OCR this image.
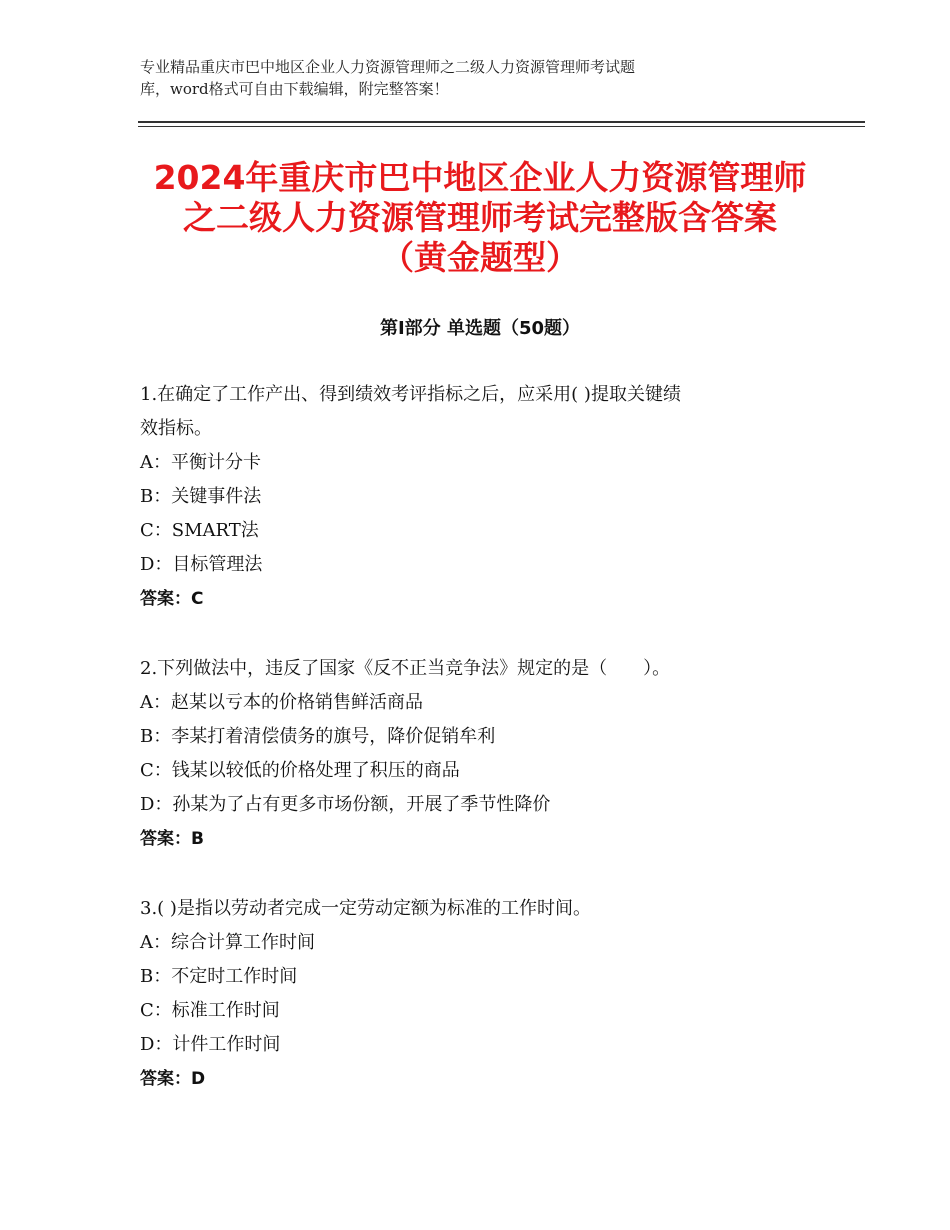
专业精品重庆市巴中地区企业人力资源管理师之二级人力资源管理师考试题

库，word格式可自由下载编辑，附完整答案！

2024年重庆市巴中地区企业人力资源管理师
之二级人力资源管理师考试完整版含答案
（黄金题型）
第Ⅰ部分 单选题（50题）
1.在确定了工作产出、得到绩效考评指标之后，应采用( )提取关键绩
效指标。
A：平衡计分卡
B：关键事件法
C：SMART法
D：目标管理法
答案：C
2.下列做法中，违反了国家《反不正当竞争法》规定的是（　　）。
A：赵某以亏本的价格销售鲜活商品
B：李某打着清偿债务的旗号，降价促销牟利
C：钱某以较低的价格处理了积压的商品
D：孙某为了占有更多市场份额，开展了季节性降价
答案：B
3.( )是指以劳动者完成一定劳动定额为标准的工作时间。
A：综合计算工作时间
B：不定时工作时间
C：标准工作时间
D：计件工作时间
答案：D
